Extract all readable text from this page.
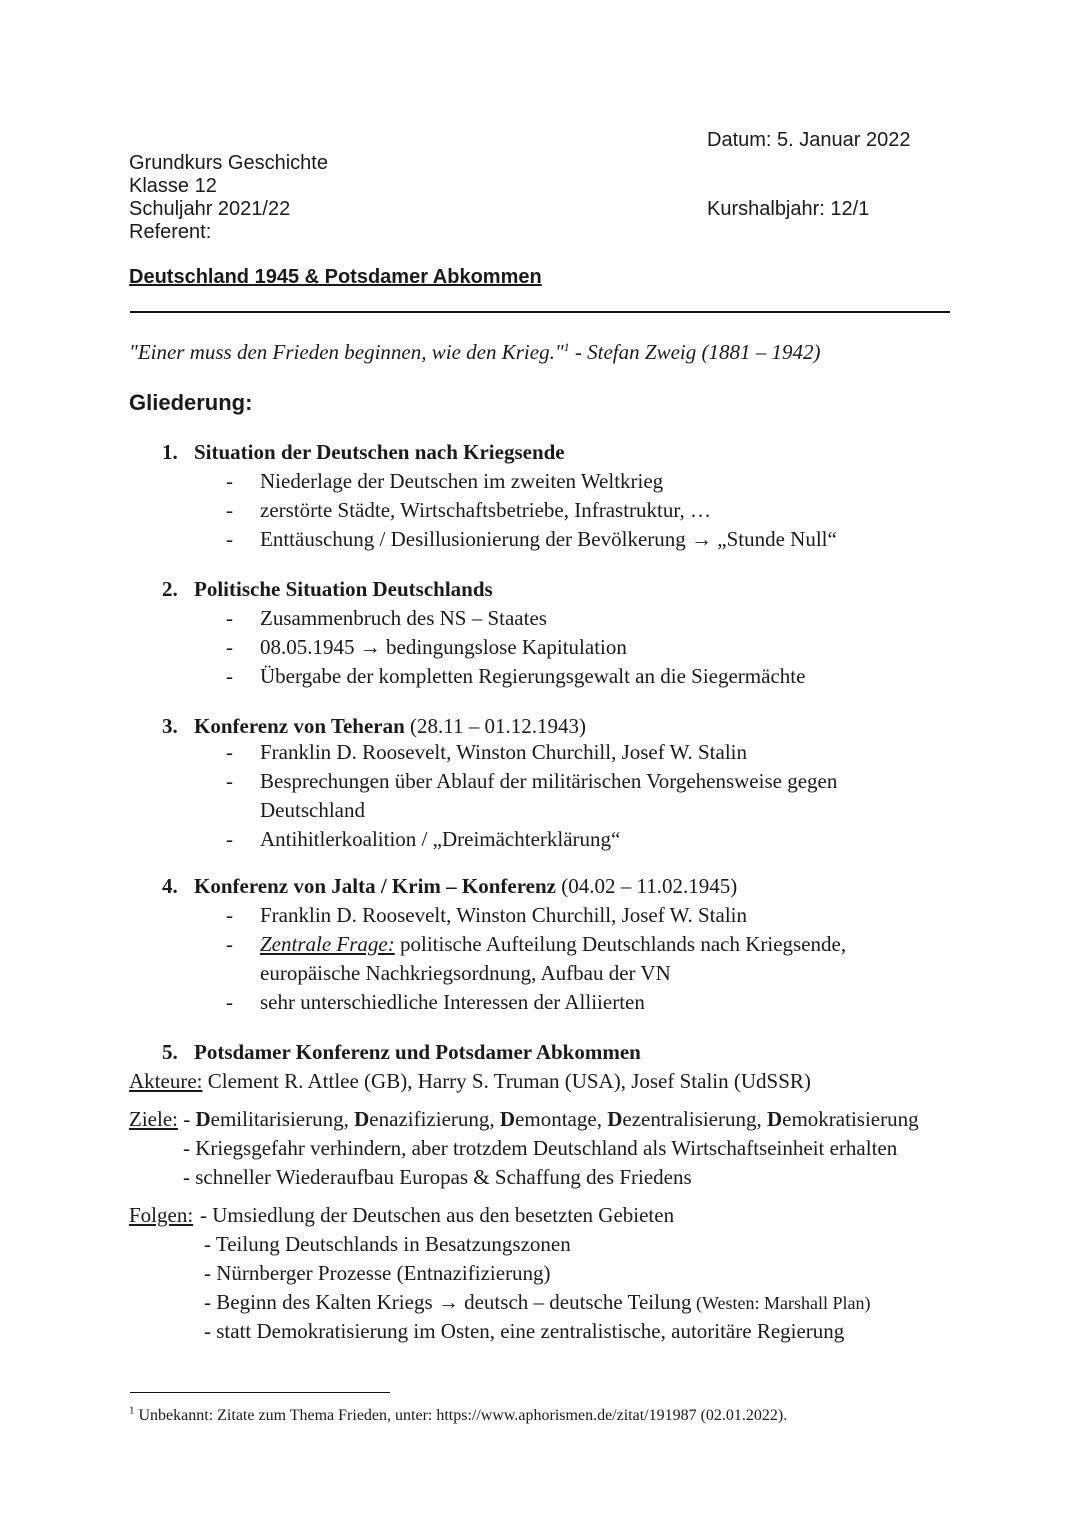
Datum: 5. Januar 2022
Grundkurs Geschichte
Klasse 12
Schuljahr 2021/22	Kurshalbjahr: 12/1
Referent:
Deutschland 1945 & Potsdamer Abkommen
"Einer muss den Frieden beginnen, wie den Krieg."$^1$ - Stefan Zweig (1881 – 1942)
Gliederung:
1. Situation der Deutschen nach Kriegsende
- Niederlage der Deutschen im zweiten Weltkrieg
- zerstörte Städte, Wirtschaftsbetriebe, Infrastruktur, …
- Enttäuschung / Desillusionierung der Bevölkerung → „Stunde Null“
2. Politische Situation Deutschlands
- Zusammenbruch des NS – Staates
- 08.05.1945 → bedingungslose Kapitulation
- Übergabe der kompletten Regierungsgewalt an die Siegermächte
3. Konferenz von Teheran (28.11 – 01.12.1943)
- Franklin D. Roosevelt, Winston Churchill, Josef W. Stalin
- Besprechungen über Ablauf der militärischen Vorgehensweise gegen
Deutschland
- Antihitlerkoalition / „Dreimächterklärung“
4. Konferenz von Jalta / Krim – Konferenz (04.02 – 11.02.1945)
- Franklin D. Roosevelt, Winston Churchill, Josef W. Stalin
- Zentrale Frage: politische Aufteilung Deutschlands nach Kriegsende,
europäische Nachkriegsordnung, Aufbau der VN
- sehr unterschiedliche Interessen der Alliierten
5. Potsdamer Konferenz und Potsdamer Abkommen
Akteure: Clement R. Attlee (GB), Harry S. Truman (USA), Josef Stalin (UdSSR)
Ziele: - Demilitarisierung, Denazifizierung, Demontage, Dezentralisierung, Demokratisierung
- Kriegsgefahr verhindern, aber trotzdem Deutschland als Wirtschaftseinheit erhalten
- schneller Wiederaufbau Europas & Schaffung des Friedens
Folgen: - Umsiedlung der Deutschen aus den besetzten Gebieten
- Teilung Deutschlands in Besatzungszonen
- Nürnberger Prozesse (Entnazifizierung)
- Beginn des Kalten Kriegs → deutsch – deutsche Teilung (Westen: Marshall Plan)
- statt Demokratisierung im Osten, eine zentralistische, autoritäre Regierung
$^1$ Unbekannt: Zitate zum Thema Frieden, unter: https://www.aphorismen.de/zitat/191987 (02.01.2022).
